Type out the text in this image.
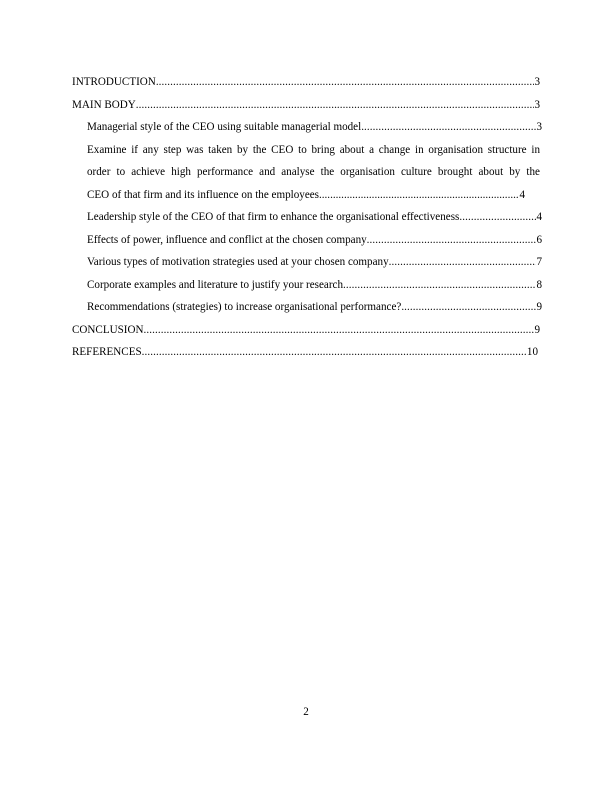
INTRODUCTION .....	3
MAIN BODY .....	3
Managerial style of the CEO using suitable managerial model .....	3
Examine if any step was taken by the CEO to bring about a change in organisation structure in
order to achieve high performance and analyse the organisation culture brought about by the
CEO of that firm and its influence on the employees .....	4
Leadership style of the CEO of that firm to enhance the organisational effectiveness .....	4
Effects of power, influence and conflict at the chosen company .....	6
Various types of motivation strategies used at your chosen company .....	7
Corporate examples and literature to justify your research .....	8
Recommendations (strategies) to increase organisational performance? .....	9
CONCLUSION .....	9
REFERENCES .....	10
2
